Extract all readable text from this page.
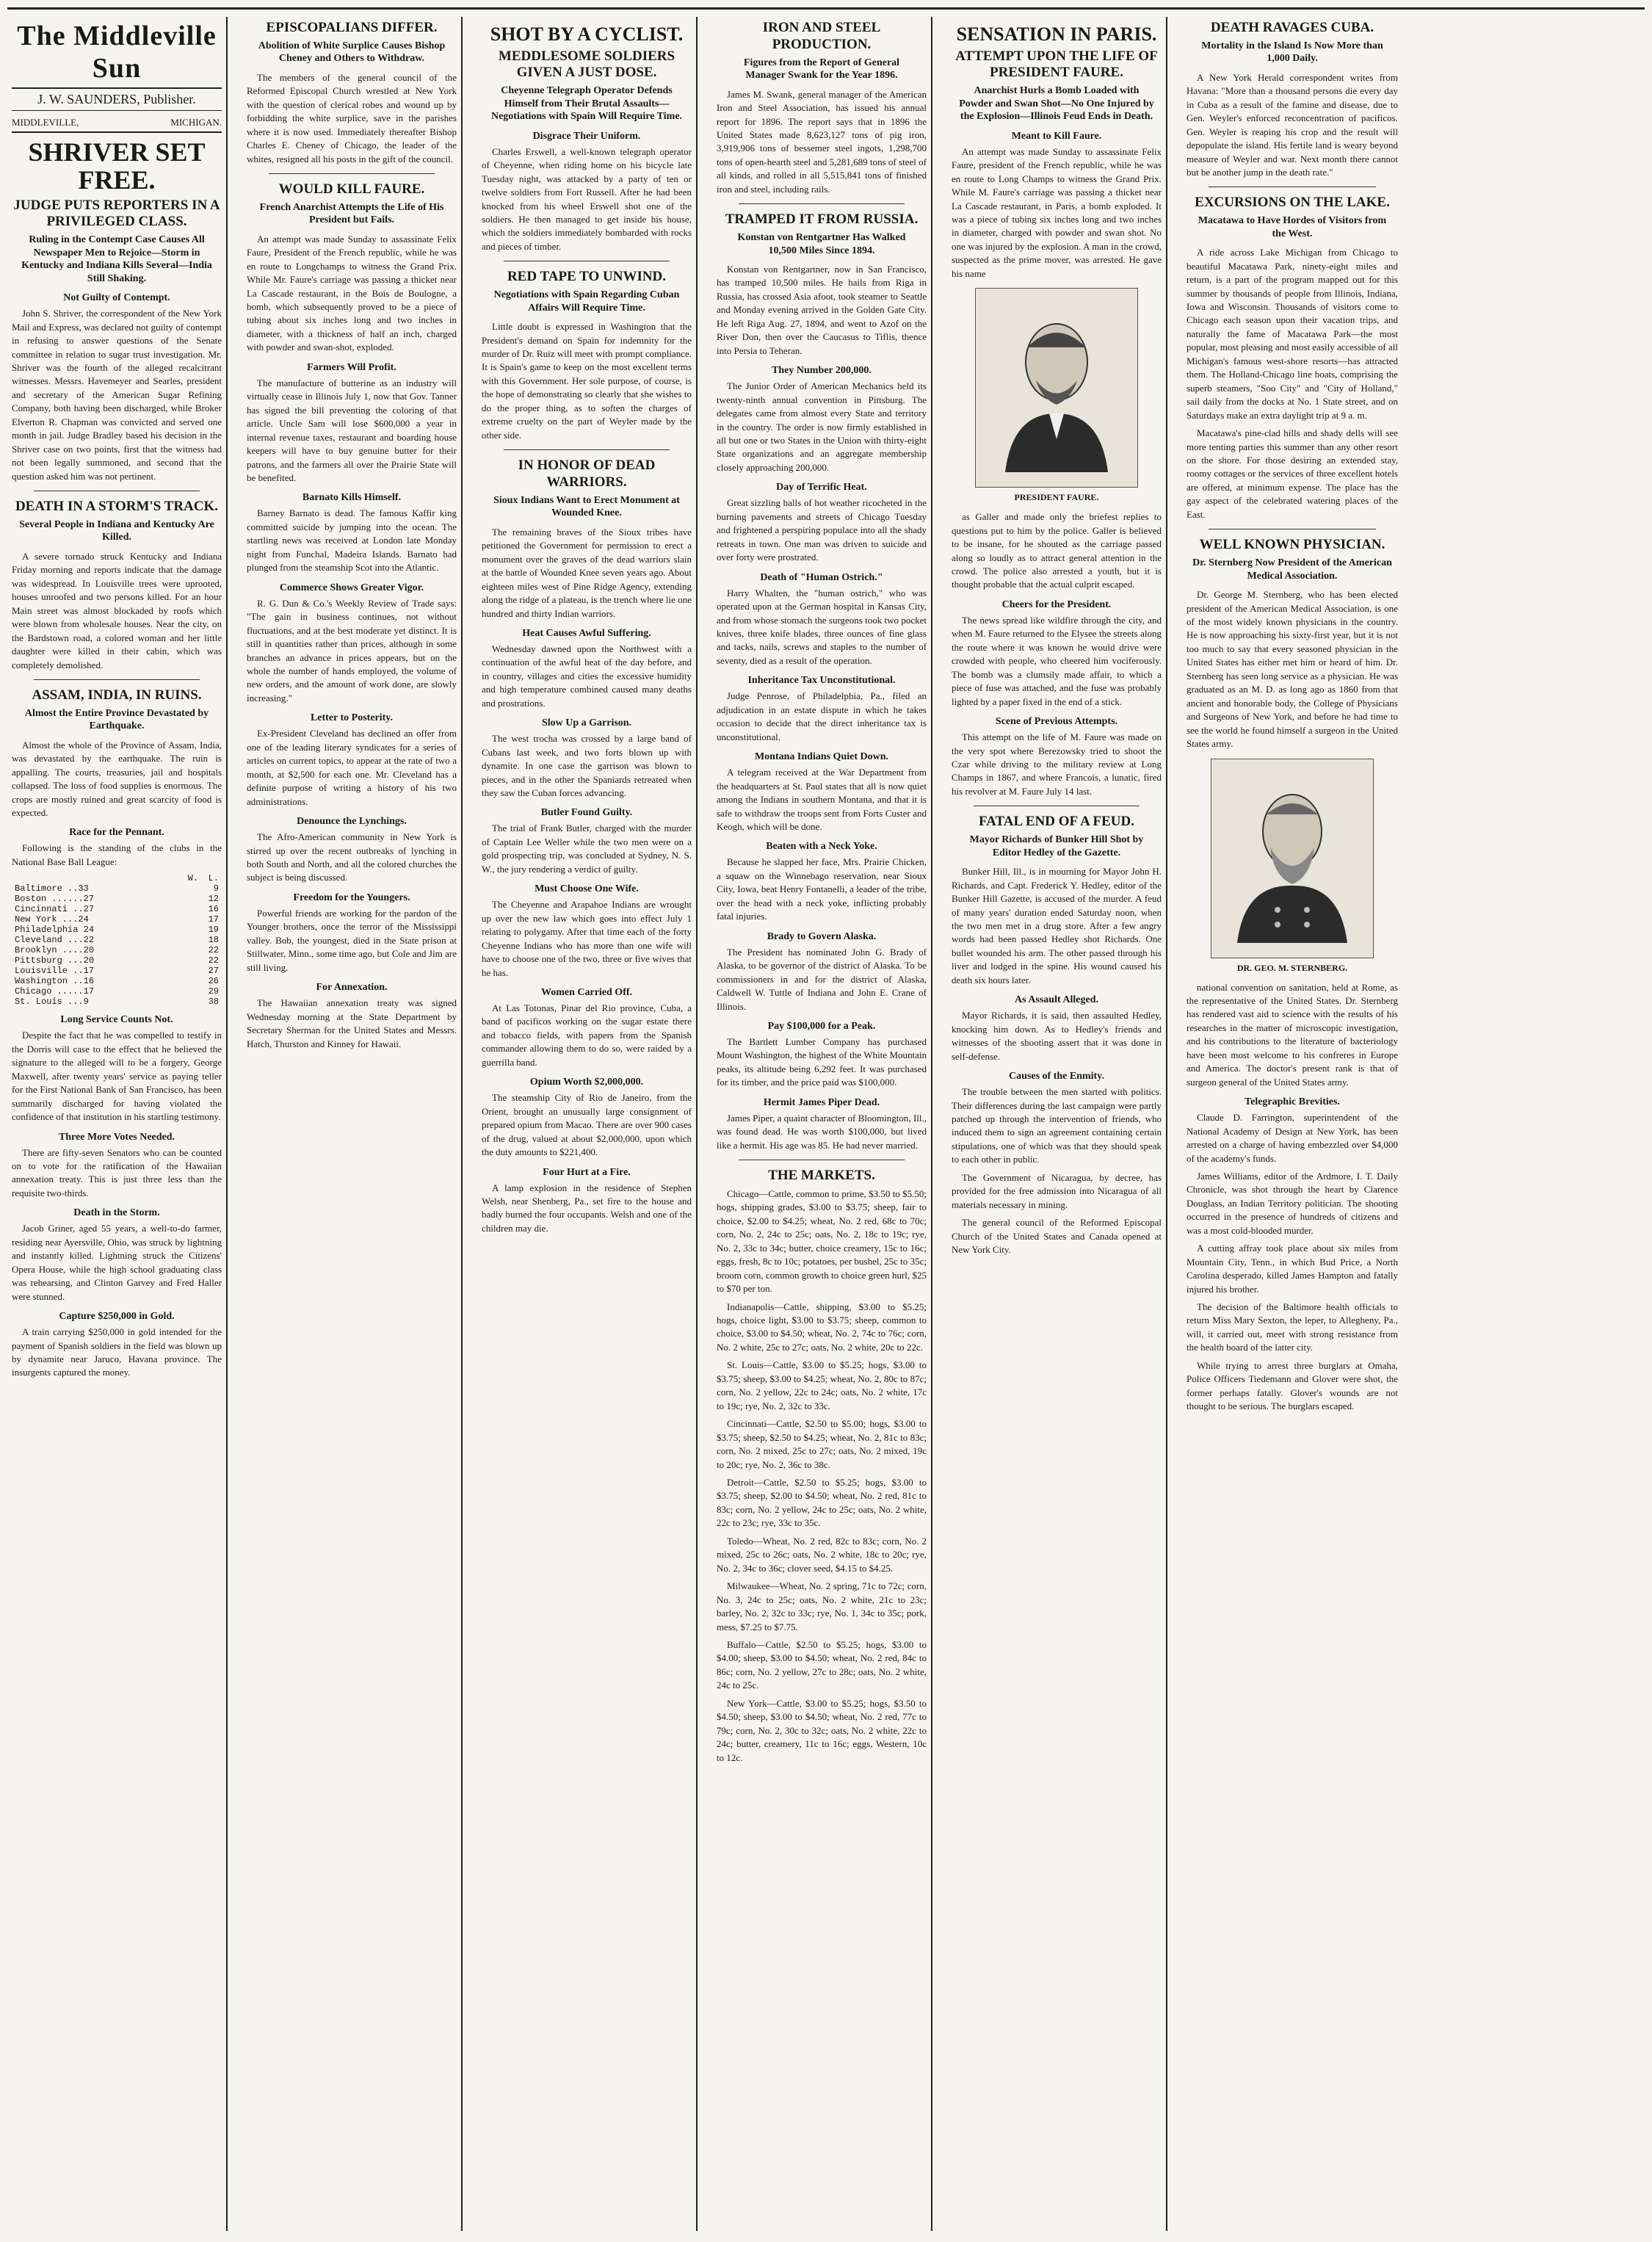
The Middleville Sun
J. W. SAUNDERS, Publisher.
MIDDLEVILLE,	MICHIGAN.
SHRIVER SET FREE.
JUDGE PUTS REPORTERS IN A PRIVILEGED CLASS.
Ruling in the Contempt Case Causes All Newspaper Men to Rejoice—Storm in Kentucky and Indiana Kills Several—India Still Shaking.
Not Guilty of Contempt.

John S. Shriver, the correspondent of the New York Mail and Express, was declared not guilty of contempt in refusing to answer questions of the Senate committee in relation to sugar trust investigation. Mr. Shriver was the fourth of the alleged recalcitrant witnesses. Messrs. Havemeyer and Searles, president and secretary of the American Sugar Refining Company, both having been discharged, while Broker Elverton R. Chapman was convicted and served one month in jail. Judge Bradley based his decision in the Shriver case on two points, first that the witness had not been legally summoned, and second that the question asked him was not pertinent.

DEATH IN A STORM'S TRACK.
Several People in Indiana and Kentucky Are Killed.

A severe tornado struck Kentucky and Indiana Friday morning and reports indicate that the damage was widespread. In Louisville trees were uprooted, houses unroofed and two persons killed. For an hour Main street was almost blockaded by roofs which were blown from wholesale houses. Near the city, on the Bardstown road, a colored woman and her little daughter were killed in their cabin, which was completely demolished.

ASSAM, INDIA, IN RUINS.
Almost the Entire Province Devastated by Earthquake.

Almost the whole of the Province of Assam, India, was devastated by the earthquake. The ruin is appalling. The courts, treasuries, jail and hospitals collapsed. The loss of food supplies is enormous. The crops are mostly ruined and great scarcity of food is expected.

Race for the Pennant.

Following is the standing of the clubs in the National Base Ball League:

W.	L.
Baltimore ..33	9
Boston ......27	12
Cincinnati ..27	16
New York ...24	17
Philadelphia 24	19
Cleveland ...22	18
Brooklyn ....20	22
Pittsburg ...20	22
Louisville ..17	27
Washington ..16	26
Chicago .....17	29
St. Louis ...9	38
Long Service Counts Not.

Despite the fact that he was compelled to testify in the Dorris will case to the effect that he believed the signature to the alleged will to be a forgery, George Maxwell, after twenty years' service as paying teller for the First National Bank of San Francisco, has been summarily discharged for having violated the confidence of that institution in his startling testimony.

Three More Votes Needed.

There are fifty-seven Senators who can be counted on to vote for the ratification of the Hawaiian annexation treaty. This is just three less than the requisite two-thirds.

Death in the Storm.

Jacob Griner, aged 55 years, a well-to-do farmer, residing near Ayersville, Ohio, was struck by lightning and instantly killed. Lightning struck the Citizens' Opera House, while the high school graduating class was rehearsing, and Clinton Garvey and Fred Haller were stunned.

Capture $250,000 in Gold.

A train carrying $250,000 in gold intended for the payment of Spanish soldiers in the field was blown up by dynamite near Jaruco, Havana province. The insurgents captured the money.

EPISCOPALIANS DIFFER.
Abolition of White Surplice Causes Bishop Cheney and Others to Withdraw.

The members of the general council of the Reformed Episcopal Church wrestled at New York with the question of clerical robes and wound up by forbidding the white surplice, save in the parishes where it is now used. Immediately thereafter Bishop Charles E. Cheney of Chicago, the leader of the whites, resigned all his posts in the gift of the council.

WOULD KILL FAURE.
French Anarchist Attempts the Life of His President but Fails.

An attempt was made Sunday to assassinate Felix Faure, President of the French republic, while he was en route to Longchamps to witness the Grand Prix. While Mr. Faure's carriage was passing a thicket near La Cascade restaurant, in the Bois de Boulogne, a bomb, which subsequently proved to be a piece of tubing about six inches long and two inches in diameter, with a thickness of half an inch, charged with powder and swan-shot, exploded.

Farmers Will Profit.

The manufacture of butterine as an industry will virtually cease in Illinois July 1, now that Gov. Tanner has signed the bill preventing the coloring of that article. Uncle Sam will lose $600,000 a year in internal revenue taxes, restaurant and boarding house keepers will have to buy genuine butter for their patrons, and the farmers all over the Prairie State will be benefited.

Barnato Kills Himself.

Barney Barnato is dead. The famous Kaffir king committed suicide by jumping into the ocean. The startling news was received at London late Monday night from Funchal, Madeira Islands. Barnato had plunged from the steamship Scot into the Atlantic.

Commerce Shows Greater Vigor.

R. G. Dun & Co.'s Weekly Review of Trade says: "The gain in business continues, not without fluctuations, and at the best moderate yet distinct. It is still in quantities rather than prices, although in some branches an advance in prices appears, but on the whole the number of hands employed, the volume of new orders, and the amount of work done, are slowly increasing."

Letter to Posterity.

Ex-President Cleveland has declined an offer from one of the leading literary syndicates for a series of articles on current topics, to appear at the rate of two a month, at $2,500 for each one. Mr. Cleveland has a definite purpose of writing a history of his two administrations.

Denounce the Lynchings.

The Afro-American community in New York is stirred up over the recent outbreaks of lynching in both South and North, and all the colored churches the subject is being discussed.

Freedom for the Youngers.

Powerful friends are working for the pardon of the Younger brothers, once the terror of the Mississippi valley. Bob, the youngest, died in the State prison at Stillwater, Minn., some time ago, but Cole and Jim are still living.

For Annexation.

The Hawaiian annexation treaty was signed Wednesday morning at the State Department by Secretary Sherman for the United States and Messrs. Hatch, Thurston and Kinney for Hawaii.

SHOT BY A CYCLIST.
MEDDLESOME SOLDIERS GIVEN A JUST DOSE.
Cheyenne Telegraph Operator Defends Himself from Their Brutal Assaults—Negotiations with Spain Will Require Time.
Disgrace Their Uniform.

Charles Erswell, a well-known telegraph operator of Cheyenne, when riding home on his bicycle late Tuesday night, was attacked by a party of ten or twelve soldiers from Fort Russell. After he had been knocked from his wheel Erswell shot one of the soldiers. He then managed to get inside his house, which the soldiers immediately bombarded with rocks and pieces of timber.

RED TAPE TO UNWIND.
Negotiations with Spain Regarding Cuban Affairs Will Require Time.

Little doubt is expressed in Washington that the President's demand on Spain for indemnity for the murder of Dr. Ruiz will meet with prompt compliance. It is Spain's game to keep on the most excellent terms with this Government. Her sole purpose, of course, is the hope of demonstrating so clearly that she wishes to do the proper thing, as to soften the charges of extreme cruelty on the part of Weyler made by the other side.

IN HONOR OF DEAD WARRIORS.
Sioux Indians Want to Erect Monument at Wounded Knee.

The remaining braves of the Sioux tribes have petitioned the Government for permission to erect a monument over the graves of the dead warriors slain at the battle of Wounded Knee seven years ago. About eighteen miles west of Pine Ridge Agency, extending along the ridge of a plateau, is the trench where lie one hundred and thirty Indian warriors.

Heat Causes Awful Suffering.

Wednesday dawned upon the Northwest with a continuation of the awful heat of the day before, and in country, villages and cities the excessive humidity and high temperature combined caused many deaths and prostrations.

Slow Up a Garrison.

The west trocha was crossed by a large band of Cubans last week, and two forts blown up with dynamite. In one case the garrison was blown to pieces, and in the other the Spaniards retreated when they saw the Cuban forces advancing.

Butler Found Guilty.

The trial of Frank Butler, charged with the murder of Captain Lee Weller while the two men were on a gold prospecting trip, was concluded at Sydney, N. S. W., the jury rendering a verdict of guilty.

Must Choose One Wife.

The Cheyenne and Arapahoe Indians are wrought up over the new law which goes into effect July 1 relating to polygamy. After that time each of the forty Cheyenne Indians who has more than one wife will have to choose one of the two, three or five wives that he has.

Women Carried Off.

At Las Totonas, Pinar del Rio province, Cuba, a band of pacificos working on the sugar estate there and tobacco fields, with papers from the Spanish commander allowing them to do so, were raided by a guerrilla band.

Opium Worth $2,000,000.

The steamship City of Rio de Janeiro, from the Orient, brought an unusually large consignment of prepared opium from Macao. There are over 900 cases of the drug, valued at about $2,000,000, upon which the duty amounts to $221,400.

Four Hurt at a Fire.

A lamp explosion in the residence of Stephen Welsh, near Shenberg, Pa., set fire to the house and badly burned the four occupants. Welsh and one of the children may die.

IRON AND STEEL PRODUCTION.
Figures from the Report of General Manager Swank for the Year 1896.

James M. Swank, general manager of the American Iron and Steel Association, has issued his annual report for 1896. The report says that in 1896 the United States made 8,623,127 tons of pig iron, 3,919,906 tons of bessemer steel ingots, 1,298,700 tons of open-hearth steel and 5,281,689 tons of steel of all kinds, and rolled in all 5,515,841 tons of finished iron and steel, including rails.

TRAMPED IT FROM RUSSIA.
Konstan von Rentgartner Has Walked 10,500 Miles Since 1894.

Konstan von Rentgartner, now in San Francisco, has tramped 10,500 miles. He hails from Riga in Russia, has crossed Asia afoot, took steamer to Seattle and Monday evening arrived in the Golden Gate City. He left Riga Aug. 27, 1894, and went to Azof on the River Don, then over the Caucasus to Tiflis, thence into Persia to Teheran.

They Number 200,000.

The Junior Order of American Mechanics held its twenty-ninth annual convention in Pittsburg. The delegates came from almost every State and territory in the country. The order is now firmly established in all but one or two States in the Union with thirty-eight State organizations and an aggregate membership closely approaching 200,000.

Day of Terrific Heat.

Great sizzling balls of hot weather ricocheted in the burning pavements and streets of Chicago Tuesday and frightened a perspiring populace into all the shady retreats in town. One man was driven to suicide and over forty were prostrated.

Death of "Human Ostrich."

Harry Whalten, the "human ostrich," who was operated upon at the German hospital in Kansas City, and from whose stomach the surgeons took two pocket knives, three knife blades, three ounces of fine glass and tacks, nails, screws and staples to the number of seventy, died as a result of the operation.

Inheritance Tax Unconstitutional.

Judge Penrose, of Philadelphia, Pa., filed an adjudication in an estate dispute in which he takes occasion to decide that the direct inheritance tax is unconstitutional.

Montana Indians Quiet Down.

A telegram received at the War Department from the headquarters at St. Paul states that all is now quiet among the Indians in southern Montana, and that it is safe to withdraw the troops sent from Forts Custer and Keogh, which will be done.

Beaten with a Neck Yoke.

Because he slapped her face, Mrs. Prairie Chicken, a squaw on the Winnebago reservation, near Sioux City, Iowa, beat Henry Fontanelli, a leader of the tribe, over the head with a neck yoke, inflicting probably fatal injuries.

Brady to Govern Alaska.

The President has nominated John G. Brady of Alaska, to be governor of the district of Alaska. To be commissioners in and for the district of Alaska, Caldwell W. Tuttle of Indiana and John E. Crane of Illinois.

Pay $100,000 for a Peak.

The Bartlett Lumber Company has purchased Mount Washington, the highest of the White Mountain peaks, its altitude being 6,292 feet. It was purchased for its timber, and the price paid was $100,000.

Hermit James Piper Dead.

James Piper, a quaint character of Bloomington, Ill., was found dead. He was worth $100,000, but lived like a hermit. His age was 85. He had never married.

THE MARKETS.

Chicago—Cattle, common to prime, $3.50 to $5.50; hogs, shipping grades, $3.00 to $3.75; sheep, fair to choice, $2.00 to $4.25; wheat, No. 2 red, 68c to 70c; corn, No. 2, 24c to 25c; oats, No. 2, 18c to 19c; rye, No. 2, 33c to 34c; butter, choice creamery, 15c to 16c; eggs, fresh, 8c to 10c; potatoes, per bushel, 25c to 35c; broom corn, common growth to choice green hurl, $25 to $70 per ton.

Indianapolis—Cattle, shipping, $3.00 to $5.25; hogs, choice light, $3.00 to $3.75; sheep, common to choice, $3.00 to $4.50; wheat, No. 2, 74c to 76c; corn, No. 2 white, 25c to 27c; oats, No. 2 white, 20c to 22c.

St. Louis—Cattle, $3.00 to $5.25; hogs, $3.00 to $3.75; sheep, $3.00 to $4.25; wheat, No. 2, 80c to 87c; corn, No. 2 yellow, 22c to 24c; oats, No. 2 white, 17c to 19c; rye, No. 2, 32c to 33c.

Cincinnati—Cattle, $2.50 to $5.00; hogs, $3.00 to $3.75; sheep, $2.50 to $4.25; wheat, No. 2, 81c to 83c; corn, No. 2 mixed, 25c to 27c; oats, No. 2 mixed, 19c to 20c; rye, No. 2, 36c to 38c.

Detroit—Cattle, $2.50 to $5.25; hogs, $3.00 to $3.75; sheep, $2.00 to $4.50; wheat, No. 2 red, 81c to 83c; corn, No. 2 yellow, 24c to 25c; oats, No. 2 white, 22c to 23c; rye, 33c to 35c.

Toledo—Wheat, No. 2 red, 82c to 83c; corn, No. 2 mixed, 25c to 26c; oats, No. 2 white, 18c to 20c; rye, No. 2, 34c to 36c; clover seed, $4.15 to $4.25.

Milwaukee—Wheat, No. 2 spring, 71c to 72c; corn, No. 3, 24c to 25c; oats, No. 2 white, 21c to 23c; barley, No. 2, 32c to 33c; rye, No. 1, 34c to 35c; pork, mess, $7.25 to $7.75.

Buffalo—Cattle, $2.50 to $5.25; hogs, $3.00 to $4.00; sheep, $3.00 to $4.50; wheat, No. 2 red, 84c to 86c; corn, No. 2 yellow, 27c to 28c; oats, No. 2 white, 24c to 25c.

New York—Cattle, $3.00 to $5.25; hogs, $3.50 to $4.50; sheep, $3.00 to $4.50; wheat, No. 2 red, 77c to 79c; corn, No. 2, 30c to 32c; oats, No. 2 white, 22c to 24c; butter, creamery, 11c to 16c; eggs, Western, 10c to 12c.

SENSATION IN PARIS.
ATTEMPT UPON THE LIFE OF PRESIDENT FAURE.
Anarchist Hurls a Bomb Loaded with Powder and Swan Shot—No One Injured by the Explosion—Illinois Feud Ends in Death.
Meant to Kill Faure.

An attempt was made Sunday to assassinate Felix Faure, president of the French republic, while he was en route to Long Champs to witness the Grand Prix. While M. Faure's carriage was passing a thicket near La Cascade restaurant, in Paris, a bomb exploded. It was a piece of tubing six inches long and two inches in diameter, charged with powder and swan shot. No one was injured by the explosion. A man in the crowd, suspected as the prime mover, was arrested. He gave his name

PRESIDENT FAURE.

as Galler and made only the briefest replies to questions put to him by the police. Galler is believed to be insane, for he shouted as the carriage passed along so loudly as to attract general attention in the crowd. The police also arrested a youth, but it is thought probable that the actual culprit escaped.

Cheers for the President.

The news spread like wildfire through the city, and when M. Faure returned to the Elysee the streets along the route where it was known he would drive were crowded with people, who cheered him vociferously. The bomb was a clumsily made affair, to which a piece of fuse was attached, and the fuse was probably lighted by a paper fixed in the end of a stick.

Scene of Previous Attempts.

This attempt on the life of M. Faure was made on the very spot where Berezowsky tried to shoot the Czar while driving to the military review at Long Champs in 1867, and where Francois, a lunatic, fired his revolver at M. Faure July 14 last.

FATAL END OF A FEUD.
Mayor Richards of Bunker Hill Shot by Editor Hedley of the Gazette.

Bunker Hill, Ill., is in mourning for Mayor John H. Richards, and Capt. Frederick Y. Hedley, editor of the Bunker Hill Gazette, is accused of the murder. A feud of many years' duration ended Saturday noon, when the two men met in a drug store. After a few angry words had been passed Hedley shot Richards. One bullet wounded his arm. The other passed through his liver and lodged in the spine. His wound caused his death six hours later.

As Assault Alleged.

Mayor Richards, it is said, then assaulted Hedley, knocking him down. As to Hedley's friends and witnesses of the shooting assert that it was done in self-defense.

Causes of the Enmity.

The trouble between the men started with politics. Their differences during the last campaign were partly patched up through the intervention of friends, who induced them to sign an agreement containing certain stipulations, one of which was that they should speak to each other in public.

The Government of Nicaragua, by decree, has provided for the free admission into Nicaragua of all materials necessary in mining.

The general council of the Reformed Episcopal Church of the United States and Canada opened at New York City.

DEATH RAVAGES CUBA.
Mortality in the Island Is Now More than 1,000 Daily.

A New York Herald correspondent writes from Havana: "More than a thousand persons die every day in Cuba as a result of the famine and disease, due to Gen. Weyler's enforced reconcentration of pacificos. Gen. Weyler is reaping his crop and the result will depopulate the island. His fertile land is weary beyond measure of Weyler and war. Next month there cannot but be another jump in the death rate."

EXCURSIONS ON THE LAKE.
Macatawa to Have Hordes of Visitors from the West.

A ride across Lake Michigan from Chicago to beautiful Macatawa Park, ninety-eight miles and return, is a part of the program mapped out for this summer by thousands of people from Illinois, Indiana, Iowa and Wisconsin. Thousands of visitors come to Chicago each season upon their vacation trips, and naturally the fame of Macatawa Park—the most popular, most pleasing and most easily accessible of all Michigan's famous west-shore resorts—has attracted them. The Holland-Chicago line boats, comprising the superb steamers, "Soo City" and "City of Holland," sail daily from the docks at No. 1 State street, and on Saturdays make an extra daylight trip at 9 a. m.

Macatawa's pine-clad hills and shady dells will see more tenting parties this summer than any other resort on the shore. For those desiring an extended stay, roomy cottages or the services of three excellent hotels are offered, at minimum expense. The place has the gay aspect of the celebrated watering places of the East.

WELL KNOWN PHYSICIAN.
Dr. Sternberg Now President of the American Medical Association.

Dr. George M. Sternberg, who has been elected president of the American Medical Association, is one of the most widely known physicians in the country. He is now approaching his sixty-first year, but it is not too much to say that every seasoned physician in the United States has either met him or heard of him. Dr. Sternberg has seen long service as a physician. He was graduated as an M. D. as long ago as 1860 from that ancient and honorable body, the College of Physicians and Surgeons of New York, and before he had time to see the world he found himself a surgeon in the United States army.

DR. GEO. M. STERNBERG.

national convention on sanitation, held at Rome, as the representative of the United States. Dr. Sternberg has rendered vast aid to science with the results of his researches in the matter of microscopic investigation, and his contributions to the literature of bacteriology have been most welcome to his confreres in Europe and America. The doctor's present rank is that of surgeon general of the United States army.

Telegraphic Brevities.

Claude D. Farrington, superintendent of the National Academy of Design at New York, has been arrested on a charge of having embezzled over $4,000 of the academy's funds.

James Williams, editor of the Ardmore, I. T. Daily Chronicle, was shot through the heart by Clarence Douglass, an Indian Territory politician. The shooting occurred in the presence of hundreds of citizens and was a most cold-blooded murder.

A cutting affray took place about six miles from Mountain City, Tenn., in which Bud Price, a North Carolina desperado, killed James Hampton and fatally injured his brother.

The decision of the Baltimore health officials to return Miss Mary Sexton, the leper, to Allegheny, Pa., will, it carried out, meet with strong resistance from the health board of the latter city.

While trying to arrest three burglars at Omaha, Police Officers Tiedemann and Glover were shot, the former perhaps fatally. Glover's wounds are not thought to be serious. The burglars escaped.
